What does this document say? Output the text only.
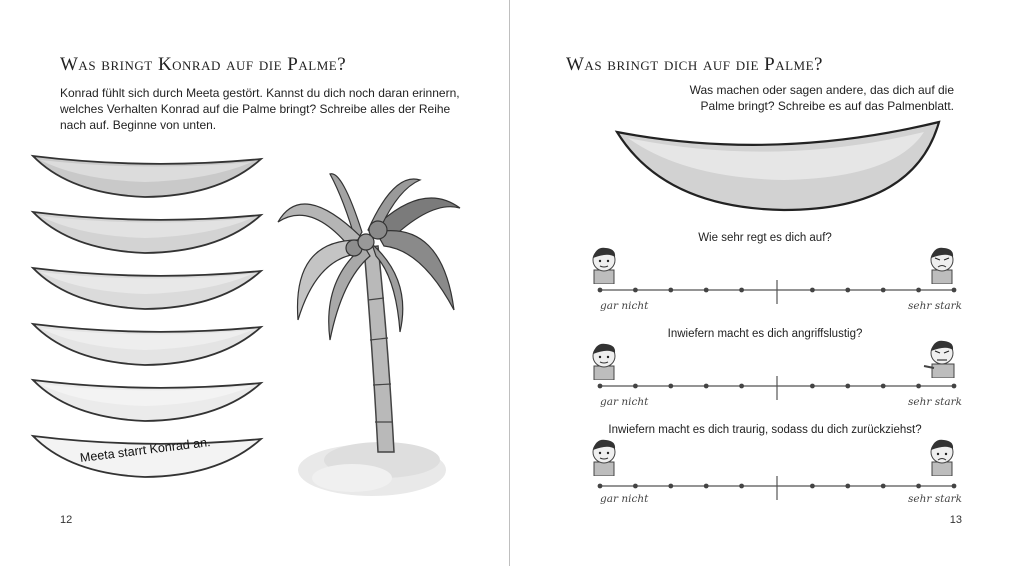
Was bringt Konrad auf die Palme?
Konrad fühlt sich durch Meeta gestört. Kannst du dich noch daran erinnern, welches Verhalten Konrad auf die Palme bringt? Schreibe alles der Reihe nach auf. Beginne von unten.
Meeta starrt Konrad an.
12
Was bringt dich auf die Palme?
Was machen oder sagen andere, das dich auf die Palme bringt? Schreibe es auf das Palmenblatt.
Wie sehr regt es dich auf?
gar nicht	sehr stark
Inwiefern macht es dich angriffslustig?
gar nicht	sehr stark
Inwiefern macht es dich traurig, sodass du dich zurückziehst?
gar nicht	sehr stark
13
